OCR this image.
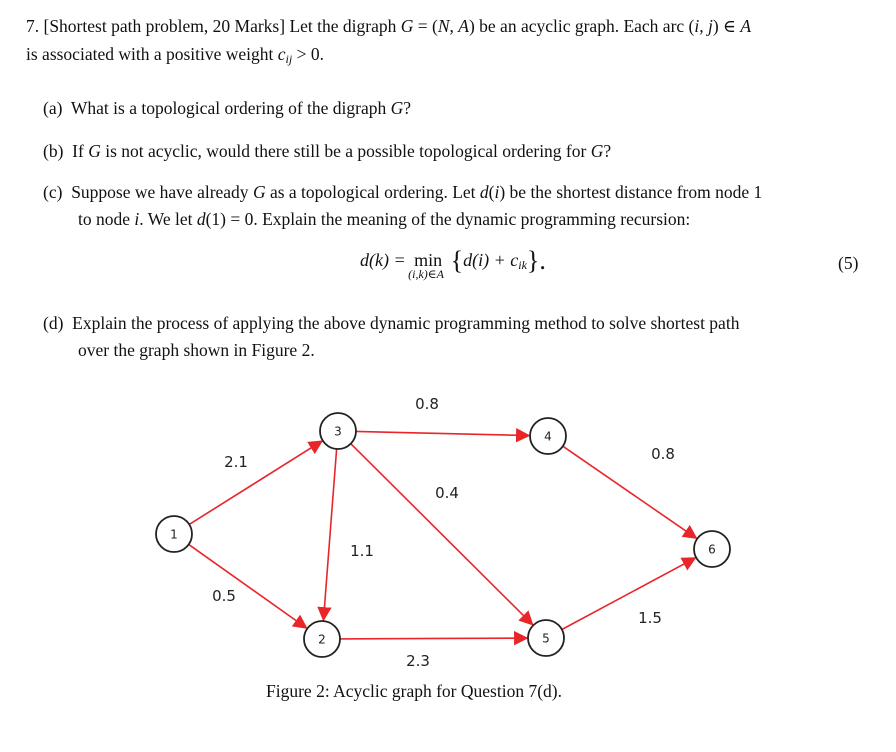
7. [Shortest path problem, 20 Marks] Let the digraph G = (N, A) be an acyclic graph. Each arc (i, j) ∈ A
is associated with a positive weight $c_{ij} > 0$.
(a) What is a topological ordering of the digraph G?
(b) If G is not acyclic, would there still be a possible topological ordering for G?
(c) Suppose we have already G as a topological ordering. Let d(i) be the shortest distance from node 1
to node i. We let d(1) = 0. Explain the meaning of the dynamic programming recursion:
d(k) = min
(i,k)∈A $\{d(i) + c_{ik}\}$.	(5)
(d) Explain the process of applying the above dynamic programming method to solve shortest path
over the graph shown in Figure 2.
2.1
0.5
1.1
0.8
0.4
2.3
0.8
1.5
1
2
3	4
5
6
Figure 2: Acyclic graph for Question 7(d).
